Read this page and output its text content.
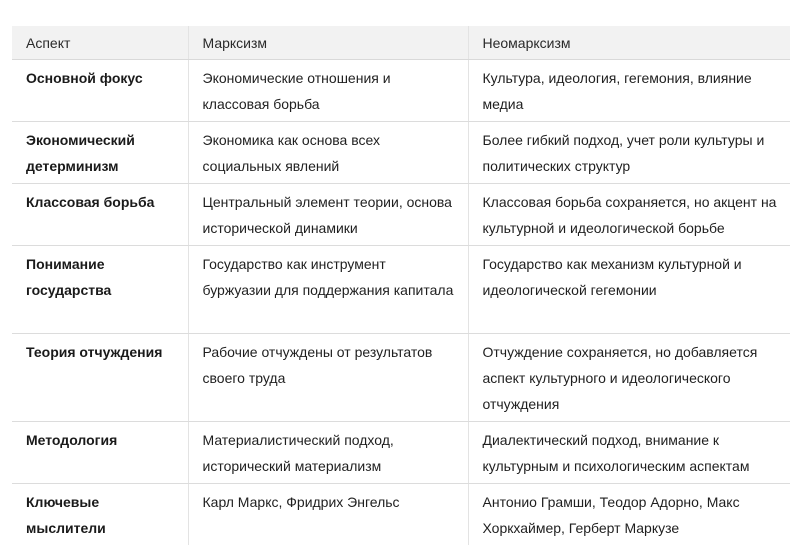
Аспект	Марксизм	Неомарксизм
Основной фокус	Экономические отношения и классовая борьба	Культура, идеология, гегемония, влияние медиа
Экономический детерминизм	Экономика как основа всех социальных явлений	Более гибкий подход, учет роли культуры и политических структур
Классовая борьба	Центральный элемент теории, основа исторической динамики	Классовая борьба сохраняется, но акцент на культурной и идеологической борьбе
Понимание государства	Государство как инструмент буржуазии для поддержания капитала	Государство как механизм культурной и идеологической гегемонии
Теория отчуждения	Рабочие отчуждены от результатов своего труда	Отчуждение сохраняется, но добавляется аспект культурного и идеологического отчуждения
Методология	Материалистический подход, исторический материализм	Диалектический подход, внимание к культурным и психологическим аспектам
Ключевые мыслители	Карл Маркс, Фридрих Энгельс	Антонио Грамши, Теодор Адорно, Макс Хоркхаймер, Герберт Маркузе
